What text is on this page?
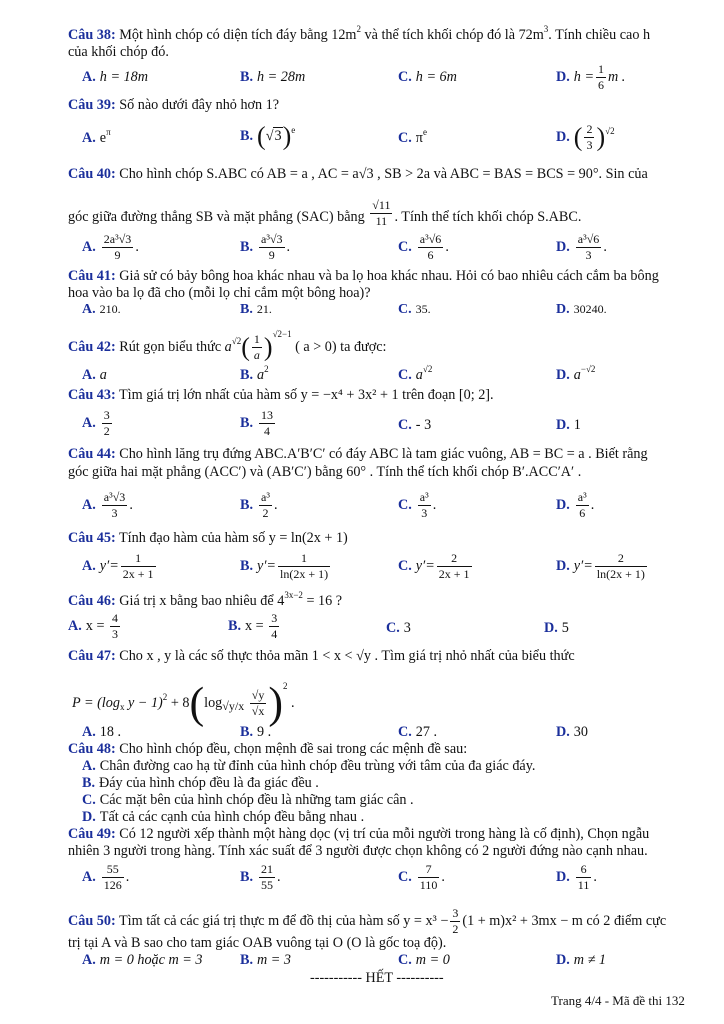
Câu 38: Một hình chóp có diện tích đáy bằng $12m^2$ và thể tích khối chóp đó là $72m^3$. Tính chiều cao h
của khối chóp đó.
A. h = 18m	B. h = 28m	C. h = 6m	D. $h = \frac{1}{6}$ m .
Câu 39: Số nào dưới đây nhỏ hơn 1?
A. $e^\pi$	B. $(√3)^e$	C. $\pi^e$	D. ( $\frac{2}{3} )^{√2}$
Câu 40: Cho hình chóp S.ABC có AB = a , AC = a√3 , SB > 2a và ABC = BAS = BCS = 90°. Sin của
góc giữa đường thẳng SB và mặt phẳng (SAC) bằng $\frac{√11}{11}$ . Tính thể tích khối chóp S.ABC.
A. $\frac{\text{2a³√3}}{9}$ .	B. $\frac{\text{a³√3}}{9}$ .	C. $\frac{\text{a³√6}}{6}$ .	D. $\frac{\text{a³√6}}{3}$ .
Câu 41: Giả sử có bảy bông hoa khác nhau và ba lọ hoa khác nhau. Hỏi có bao nhiêu cách cắm ba bông
hoa vào ba lọ đã cho (mỗi lọ chỉ cắm một bông hoa)?
A. 210.	B. 21.	C. 35.	D. 30240.
Câu 42: Rút gọn biểu thức $a^{√2}( \frac{1}{a} )^{√2-1}$ ( a > 0) ta được:
A. a	B. $a^2$	C. $a^{√2}$	D. $a^{-√2}$
Câu 43: Tìm giá trị lớn nhất của hàm số y = −x⁴ + 3x² + 1 trên đoạn [0; 2].
A. $\frac{3}{2}$	B. $\frac{13}{4}$	C. - 3	D. 1
Câu 44: Cho hình lăng trụ đứng ABC.A′B′C′ có đáy ABC là tam giác vuông, AB = BC = a . Biết rằng
góc giữa hai mặt phẳng (ACC′) và (AB′C′) bằng 60° . Tính thể tích khối chóp B′.ACC′A′ .
A. $\frac{\text{a³√3}}{3}$ .	B. $\frac{\text{a³}}{2}$ .	C. $\frac{\text{a³}}{3}$ .	D. $\frac{\text{a³}}{6}$ .
Câu 45: Tính đạo hàm của hàm số y = ln(2x + 1)
A. $y'= \frac{1}{2x + 1}$	B. $y'= \frac{1}{\ln(2x + 1)}$	C. $y'= \frac{2}{2x + 1}$	D. $y'= \frac{2}{\ln(2x + 1)}$
Câu 46: Giá trị x bằng bao nhiêu để $4^{3x-2} = 16$ ?
A. $x = \frac{4}{3}$	B. $x = \frac{3}{4}$	C. 3	D. 5
Câu 47: Cho x , y là các số thực thỏa mãn 1 < x < √y . Tìm giá trị nhỏ nhất của biểu thức
$P = (\log_x$ $y - 1)^2 + 8(\log_{√y/x} \frac{√y}{√x} )^2$ .
A. 18 .	B. 9 .	C. 27 .	D. 30
Câu 48: Cho hình chóp đều, chọn mệnh đề sai trong các mệnh đề sau:
A. Chân đường cao hạ từ đỉnh của hình chóp đều trùng với tâm của đa giác đáy.
B. Đáy của hình chóp đều là đa giác đều .
C. Các mặt bên của hình chóp đều là những tam giác cân .
D. Tất cả các cạnh của hình chóp đều bằng nhau .
Câu 49: Có 12 người xếp thành một hàng dọc (vị trí của mỗi người trong hàng là cố định), Chọn ngẫu
nhiên 3 người trong hàng. Tính xác suất để 3 người được chọn không có 2 người đứng nào cạnh nhau.
A. $\frac{55}{126}$ .	B. $\frac{21}{55}$ .	C. $\frac{7}{110}$ .	D. $\frac{6}{11}$ .
Câu 50: Tìm tất cả các giá trị thực m để đồ thị của hàm số $y = x^3 - \frac{3}{2} (1 + m)x^2 + 3mx - m$ có 2 điểm cực
trị tại A và B sao cho tam giác OAB vuông tại O (O là gốc toạ độ).
A. m = 0 hoặc m = 3	B. m = 3	C. m = 0	D. m ≠ 1
----------- HẾT ----------
Trang 4/4 - Mã đề thi 132
